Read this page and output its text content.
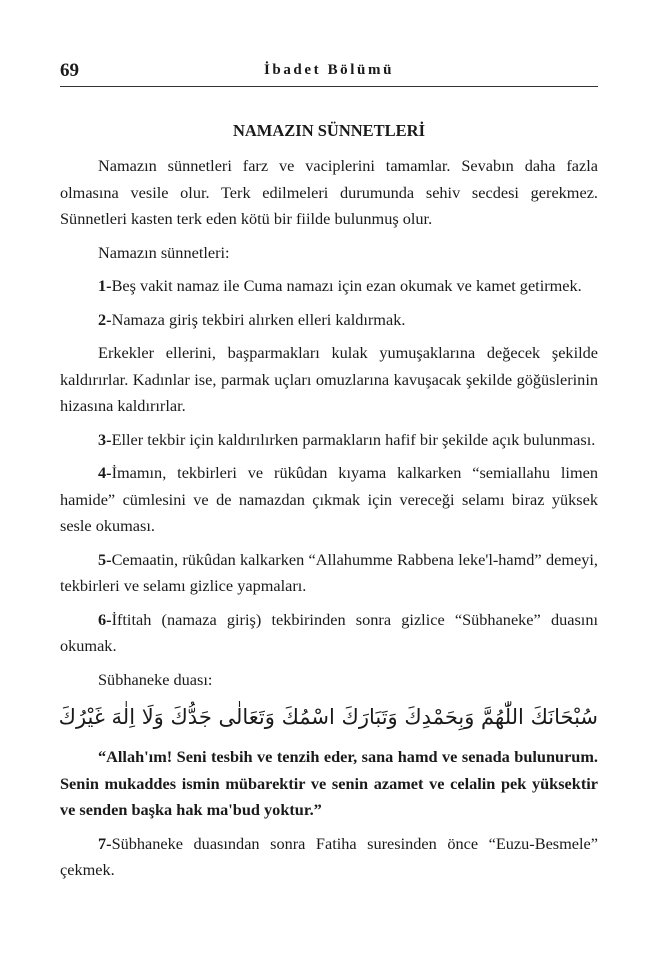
69	İbadet Bölümü
NAMAZIN SÜNNETLERİ

Namazın sünnetleri farz ve vaciplerini tamamlar. Sevabın daha fazla olmasına vesile olur. Terk edilmeleri durumunda sehiv secdesi gerekmez. Sünnetleri kasten terk eden kötü bir fiilde bulunmuş olur.

Namazın sünnetleri:

1-Beş vakit namaz ile Cuma namazı için ezan okumak ve kamet getirmek.

2-Namaza giriş tekbiri alırken elleri kaldırmak.

Erkekler ellerini, başparmakları kulak yumuşaklarına değecek şekilde kaldırırlar. Kadınlar ise, parmak uçları omuzlarına kavuşacak şekilde göğüslerinin hizasına kaldırırlar.

3-Eller tekbir için kaldırılırken parmakların hafif bir şekilde açık bulunması.

4-İmamın, tekbirleri ve rükûdan kıyama kalkarken “semiallahu limen hamide” cümlesini ve de namazdan çıkmak için vereceği selamı biraz yüksek sesle okuması.

5-Cemaatin, rükûdan kalkarken “Allahumme Rabbena leke'l-hamd” demeyi, tekbirleri ve selamı gizlice yapmaları.

6-İftitah (namaza giriş) tekbirinden sonra gizlice “Sübhaneke” duasını okumak.

Sübhaneke duası:

سُبْحَانَكَ اللّٰهُمَّ وَبِحَمْدِكَ وَتَبَارَكَ اسْمُكَ وَتَعَالٰى جَدُّكَ وَلَا اِلٰهَ غَيْرُكَ

“Allah'ım! Seni tesbih ve tenzih eder, sana hamd ve senada bulunurum. Senin mukaddes ismin mübarektir ve senin azamet ve celalin pek yüksektir ve senden başka hak ma'bud yoktur.”

7-Sübhaneke duasından sonra Fatiha suresinden önce “Euzu-Besmele” çekmek.
